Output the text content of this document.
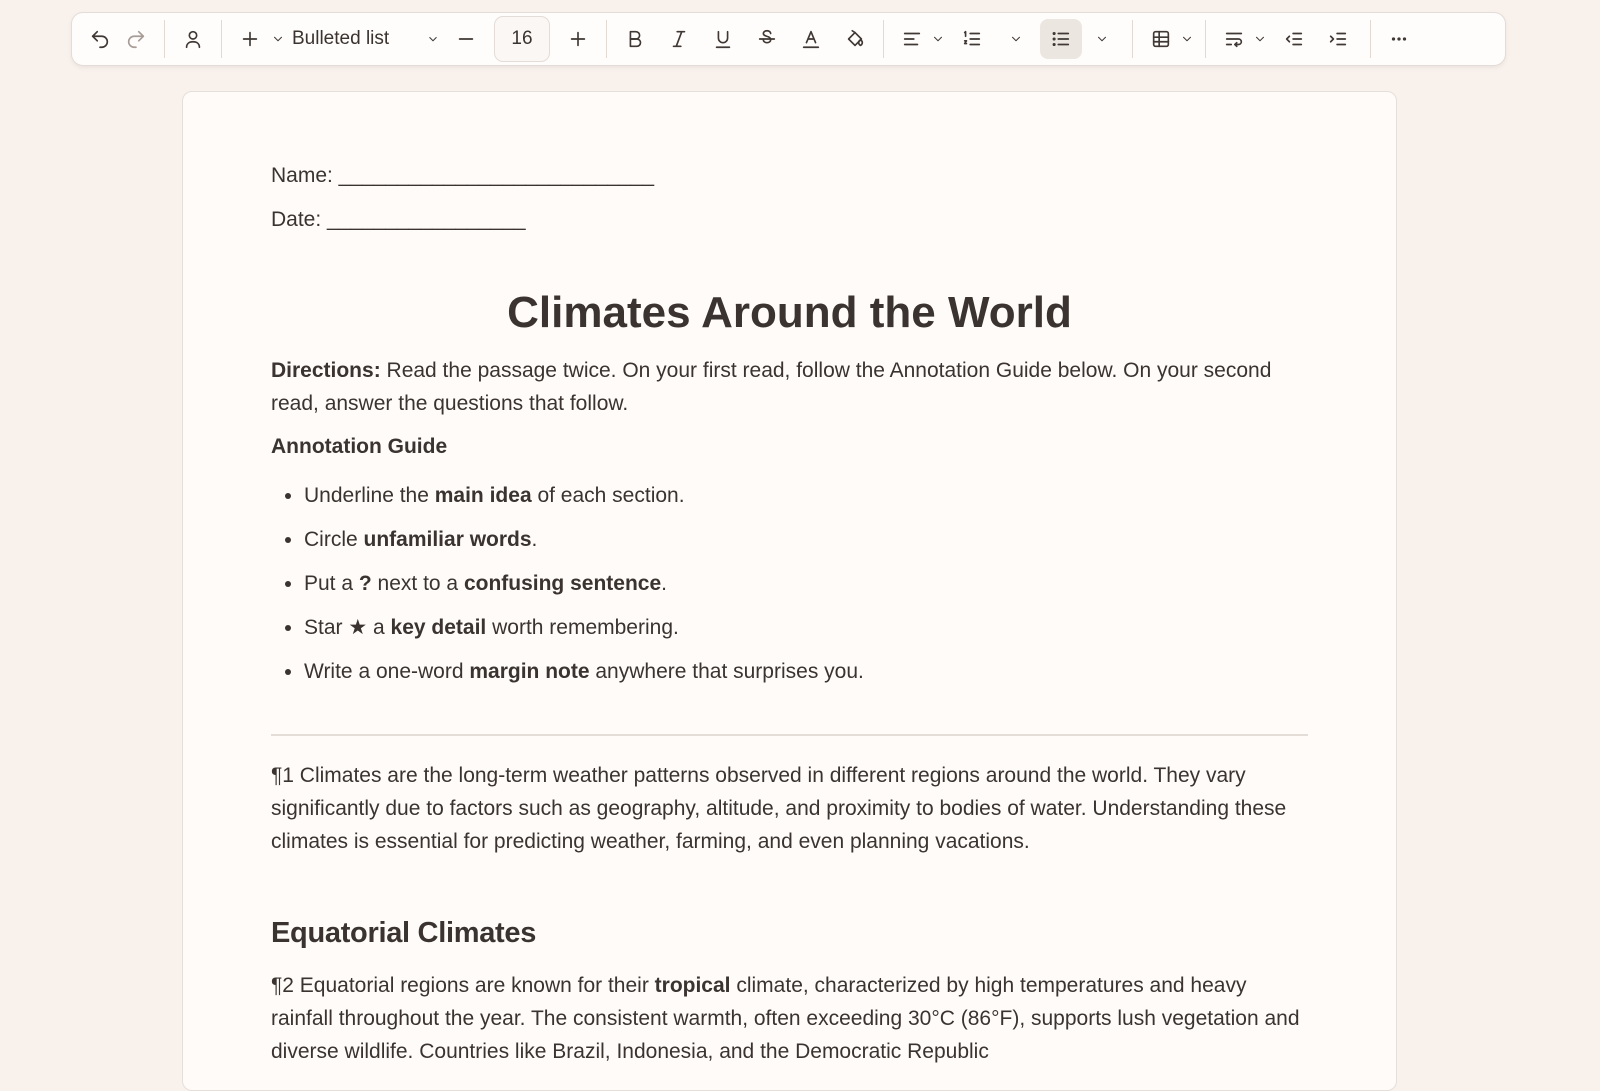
Bulleted list	16
Name: ___________________________
Date: _________________
Climates Around the World

Directions: Read the passage twice. On your first read, follow the Annotation Guide below. On your second read, answer the questions that follow.

Annotation Guide
• Underline the main idea of each section.
• Circle unfamiliar words.
• Put a ? next to a confusing sentence.
• Star ★ a key detail worth remembering.
• Write a one-word margin note anywhere that surprises you.

¶1 Climates are the long-term weather patterns observed in different regions around the world. They vary significantly due to factors such as geography, altitude, and proximity to bodies of water. Understanding these climates is essential for predicting weather, farming, and even planning vacations.

Equatorial Climates

¶2 Equatorial regions are known for their tropical climate, characterized by high temperatures and heavy rainfall throughout the year. The consistent warmth, often exceeding 30°C (86°F), supports lush vegetation and diverse wildlife. Countries like Brazil, Indonesia, and the Democratic Republic
